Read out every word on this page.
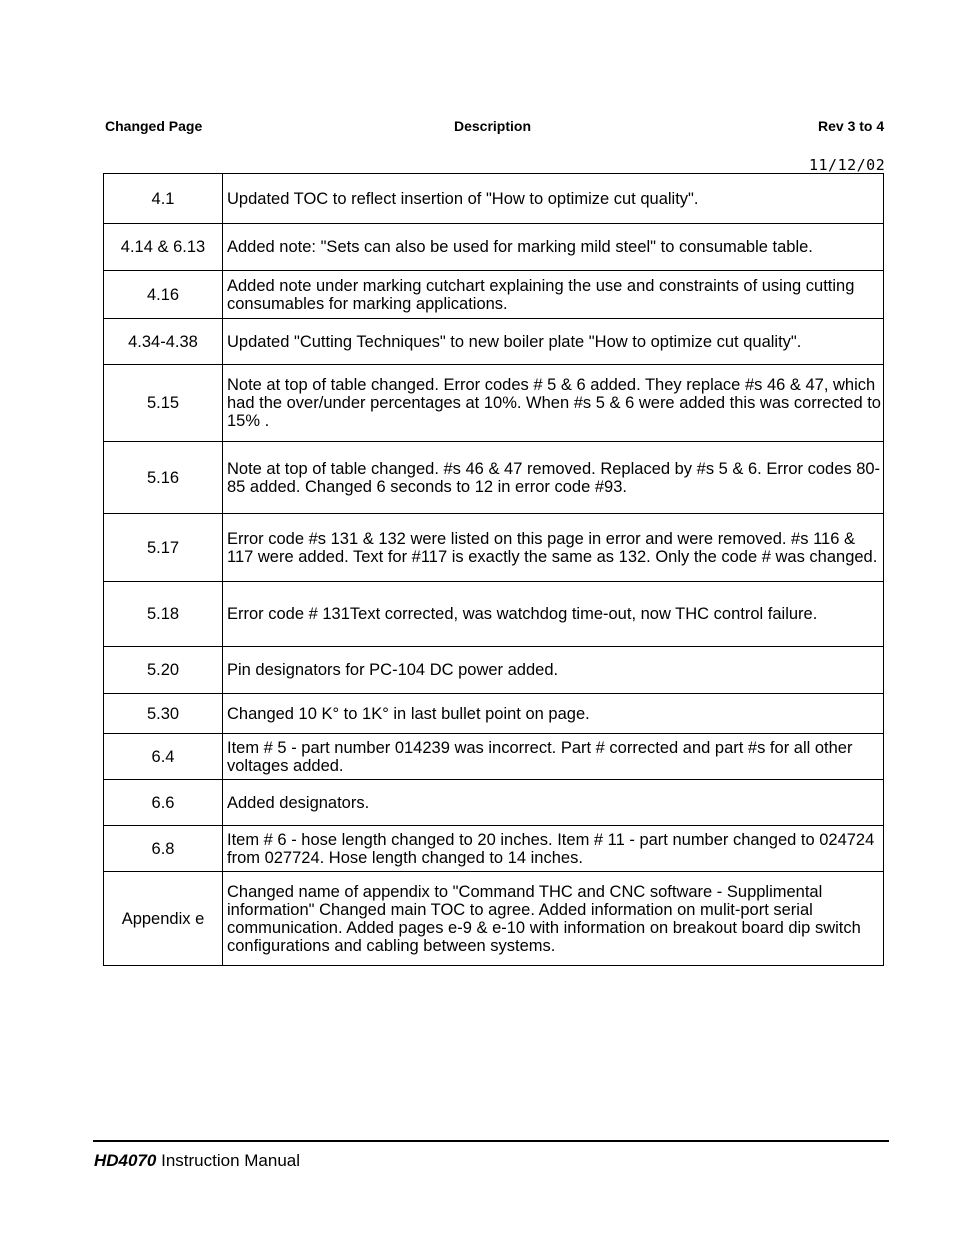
Changed Page	Description	Rev 3 to 4
11/12/02
4.1	Updated TOC to reflect insertion of "How to optimize cut quality".
4.14 & 6.13	Added note: "Sets can also be used for marking mild steel" to consumable table.
4.16	Added note under marking cutchart explaining the use and constraints of using cutting consumables for marking applications.
4.34-4.38	Updated "Cutting Techniques" to new boiler plate "How to optimize cut quality".
5.15	Note at top of table changed. Error codes # 5 & 6 added. They replace #s 46 & 47, which had the over/under percentages at 10%. When #s 5 & 6 were added this was corrected to 15% .
5.16	Note at top of table changed. #s 46 & 47 removed. Replaced by #s 5 & 6. Error codes 80-85 added. Changed 6 seconds to 12 in error code #93.
5.17	Error code #s 131 & 132 were listed on this page in error and were removed. #s 116 & 117 were added. Text for #117 is exactly the same as 132. Only the code # was changed.
5.18	Error code # 131Text corrected, was watchdog time-out, now THC control failure.
5.20	Pin designators for PC-104 DC power added.
5.30	Changed 10 K° to 1K° in last bullet point on page.
6.4	Item # 5 - part number 014239 was incorrect. Part # corrected and part #s for all other voltages added.
6.6	Added designators.
6.8	Item # 6 - hose length changed to 20 inches. Item # 11 - part number changed to 024724 from 027724. Hose length changed to 14 inches.
Appendix e	Changed name of appendix to "Command THC and CNC software - Supplimental information" Changed main TOC to agree. Added information on mulit-port serial communication. Added pages e-9 & e-10 with information on breakout board dip switch configurations and cabling between systems.
HD4070 Instruction Manual
